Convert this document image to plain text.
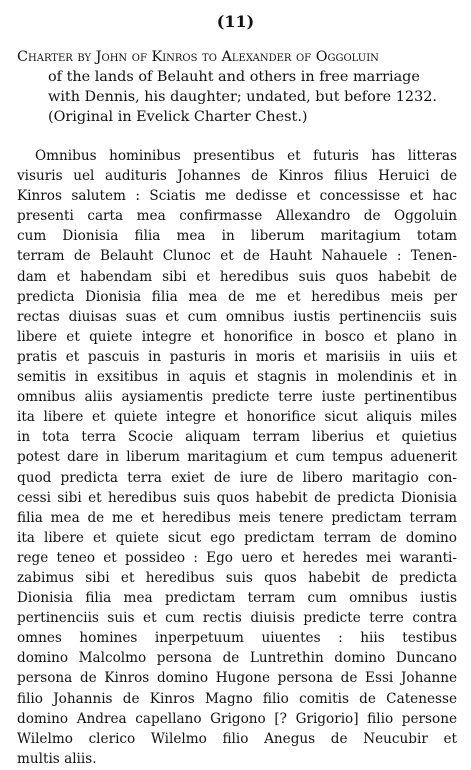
(11)
Charter by John of Kinros to Alexander of Oggoluin
of the lands of Belauht and others in free marriage
with Dennis, his daughter; undated, but before 1232.
(Original in Evelick Charter Chest.)
Omnibus hominibus presentibus et futuris has litteras
visuris uel audituris Johannes de Kinros filius Heruici de
Kinros salutem : Sciatis me dedisse et concessisse et hac
presenti carta mea confirmasse Allexandro de Oggoluin
cum Dionisia filia mea in liberum maritagium totam
terram de Belauht Clunoc et de Hauht Nahauele : Tenen-
dam et habendam sibi et heredibus suis quos habebit de
predicta Dionisia filia mea de me et heredibus meis per
rectas diuisas suas et cum omnibus iustis pertinenciis suis
libere et quiete integre et honorifice in bosco et plano in
pratis et pascuis in pasturis in moris et marisiis in uiis et
semitis in exsitibus in aquis et stagnis in molendinis et in
omnibus aliis aysiamentis predicte terre iuste pertinentibus
ita libere et quiete integre et honorifice sicut aliquis miles
in tota terra Scocie aliquam terram liberius et quietius
potest dare in liberum maritagium et cum tempus aduenerit
quod predicta terra exiet de iure de libero maritagio con-
cessi sibi et heredibus suis quos habebit de predicta Dionisia
filia mea de me et heredibus meis tenere predictam terram
ita libere et quiete sicut ego predictam terram de domino
rege teneo et possideo : Ego uero et heredes mei waranti-
zabimus sibi et heredibus suis quos habebit de predicta
Dionisia filia mea predictam terram cum omnibus iustis
pertinenciis suis et cum rectis diuisis predicte terre contra
omnes homines inperpetuum uiuentes : hiis testibus
domino Malcolmo persona de Luntrethin domino Duncano
persona de Kinros domino Hugone persona de Essi Johanne
filio Johannis de Kinros Magno filio comitis de Catenesse
domino Andrea capellano Grigono [? Grigorio] filio persone
Wilelmo clerico Wilelmo filio Anegus de Neucubir et
multis aliis.
